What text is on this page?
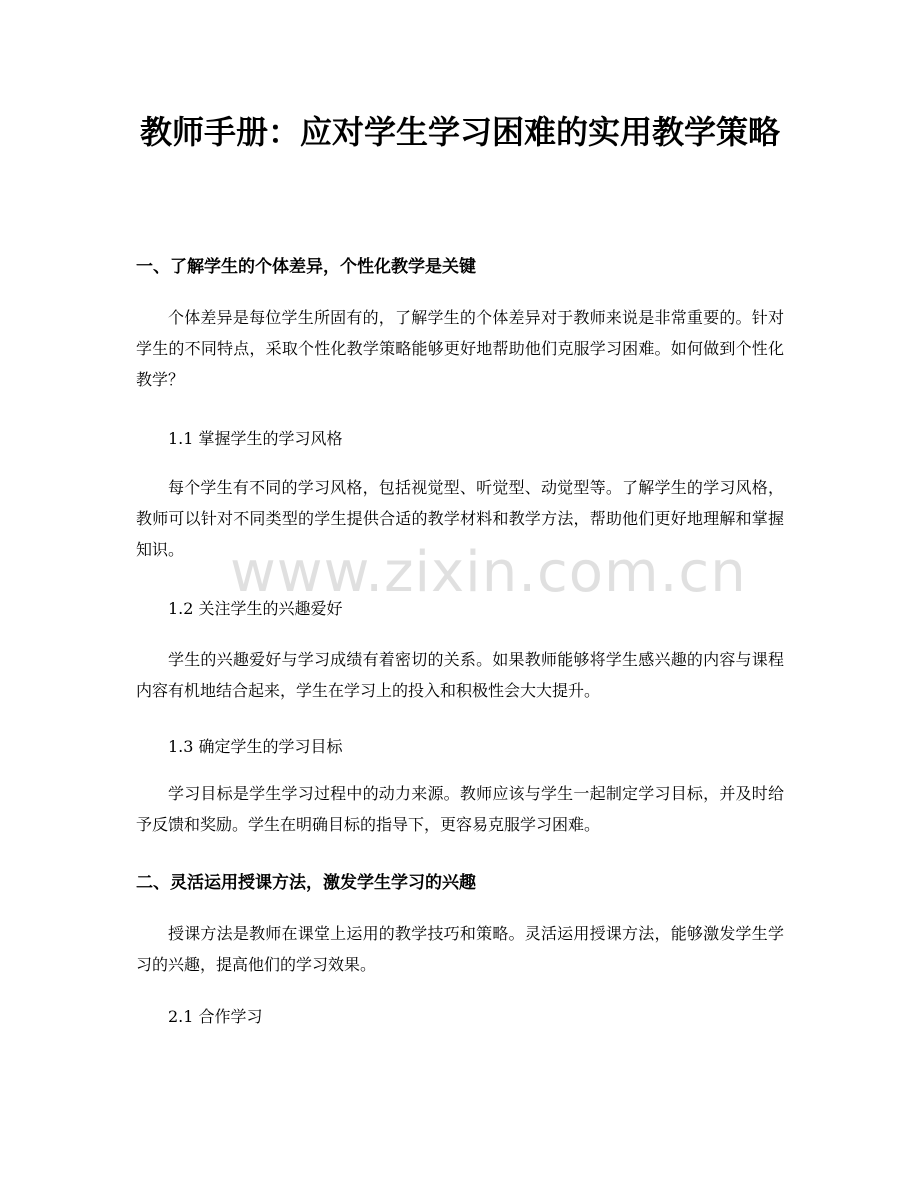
教师手册：应对学生学习困难的实用教学策略
一、了解学生的个体差异，个性化教学是关键

个体差异是每位学生所固有的，了解学生的个体差异对于教师来说是非常重要的。针对学生的不同特点，采取个性化教学策略能够更好地帮助他们克服学习困难。如何做到个性化教学？

1.1 掌握学生的学习风格

每个学生有不同的学习风格，包括视觉型、听觉型、动觉型等。了解学生的学习风格，教师可以针对不同类型的学生提供合适的教学材料和教学方法，帮助他们更好地理解和掌握知识。

1.2 关注学生的兴趣爱好

学生的兴趣爱好与学习成绩有着密切的关系。如果教师能够将学生感兴趣的内容与课程内容有机地结合起来，学生在学习上的投入和积极性会大大提升。

1.3 确定学生的学习目标

学习目标是学生学习过程中的动力来源。教师应该与学生一起制定学习目标，并及时给予反馈和奖励。学生在明确目标的指导下，更容易克服学习困难。

二、灵活运用授课方法，激发学生学习的兴趣

授课方法是教师在课堂上运用的教学技巧和策略。灵活运用授课方法，能够激发学生学习的兴趣，提高他们的学习效果。

2.1 合作学习
www.zixin.com.cn
